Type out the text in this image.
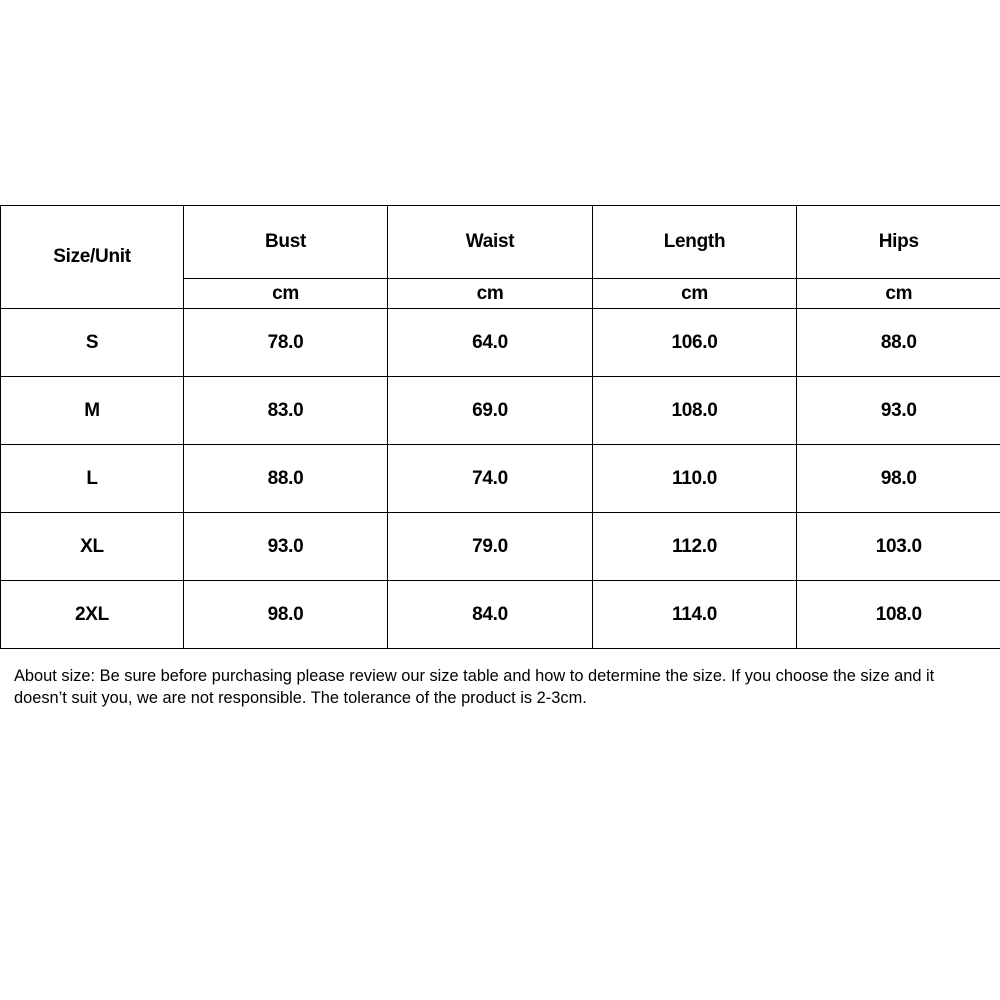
Size/Unit	Bust	Waist	Length	Hips
	cm	cm	cm	cm
S	78.0	64.0	106.0	88.0
M	83.0	69.0	108.0	93.0
L	88.0	74.0	110.0	98.0
XL	93.0	79.0	112.0	103.0
2XL	98.0	84.0	114.0	108.0
About size: Be sure before purchasing please review our size table and how to determine the size. If you choose the size and it doesn’t suit you, we are not responsible. The tolerance of the product is 2-3cm.
